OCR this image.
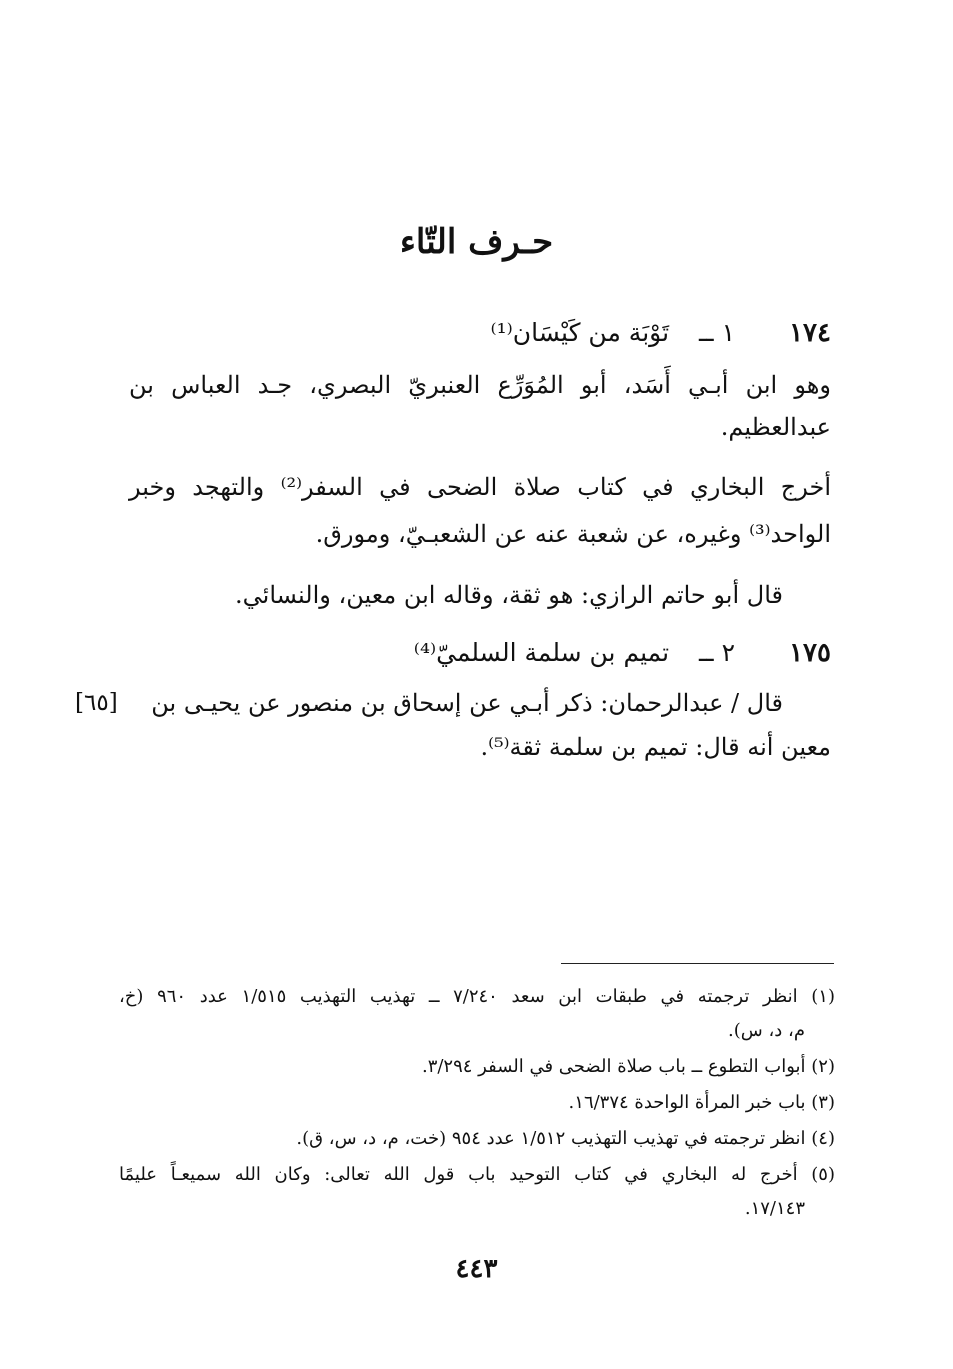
حـرف التّاء
١٧٤
١ ــ  تَوْبَة من كَيْسَان⁽¹⁾
وهو ابن أبـي أَسَد، أبو المُوَرِّع العنبريّ البصري، جـد العباس بن
عبدالعظيم.
أخرج البخاري في كتاب صلاة الضحى في السفر⁽²⁾ والتهجد وخبر
الواحد⁽³⁾ وغيره، عن شعبة عنه عن الشعبـيّ، ومورق.
قال أبو حاتم الرازي: هو ثقة، وقاله ابن معين، والنسائي.
١٧٥
٢ ــ  تميم بن سلمة السلميّ⁽⁴⁾
قال / عبدالرحمان: ذكر أبـي عن إسحاق بن منصور عن يحيـى بن
[٦٥]
معين أنه قال: تميم بن سلمة ثقة⁽⁵⁾.
(١) انظر ترجمته في طبقات ابن سعد ٧/٢٤٠ ــ تهذيب التهذيب ١/٥١٥ عدد ٩٦٠ (خ،
م، د، س).
(٢) أبواب التطوع ــ باب صلاة الضحى في السفر ٣/٢٩٤.
(٣) باب خبر المرأة الواحدة ١٦/٣٧٤.
(٤) انظر ترجمته في تهذيب التهذيب ١/٥١٢ عدد ٩٥٤ (خت، م، د، س، ق).
(٥) أخرج له البخاري في كتاب التوحيد باب قول الله تعالى: وكان الله سميعـاً عليمًا
١٧/١٤٣.
٤٤٣
